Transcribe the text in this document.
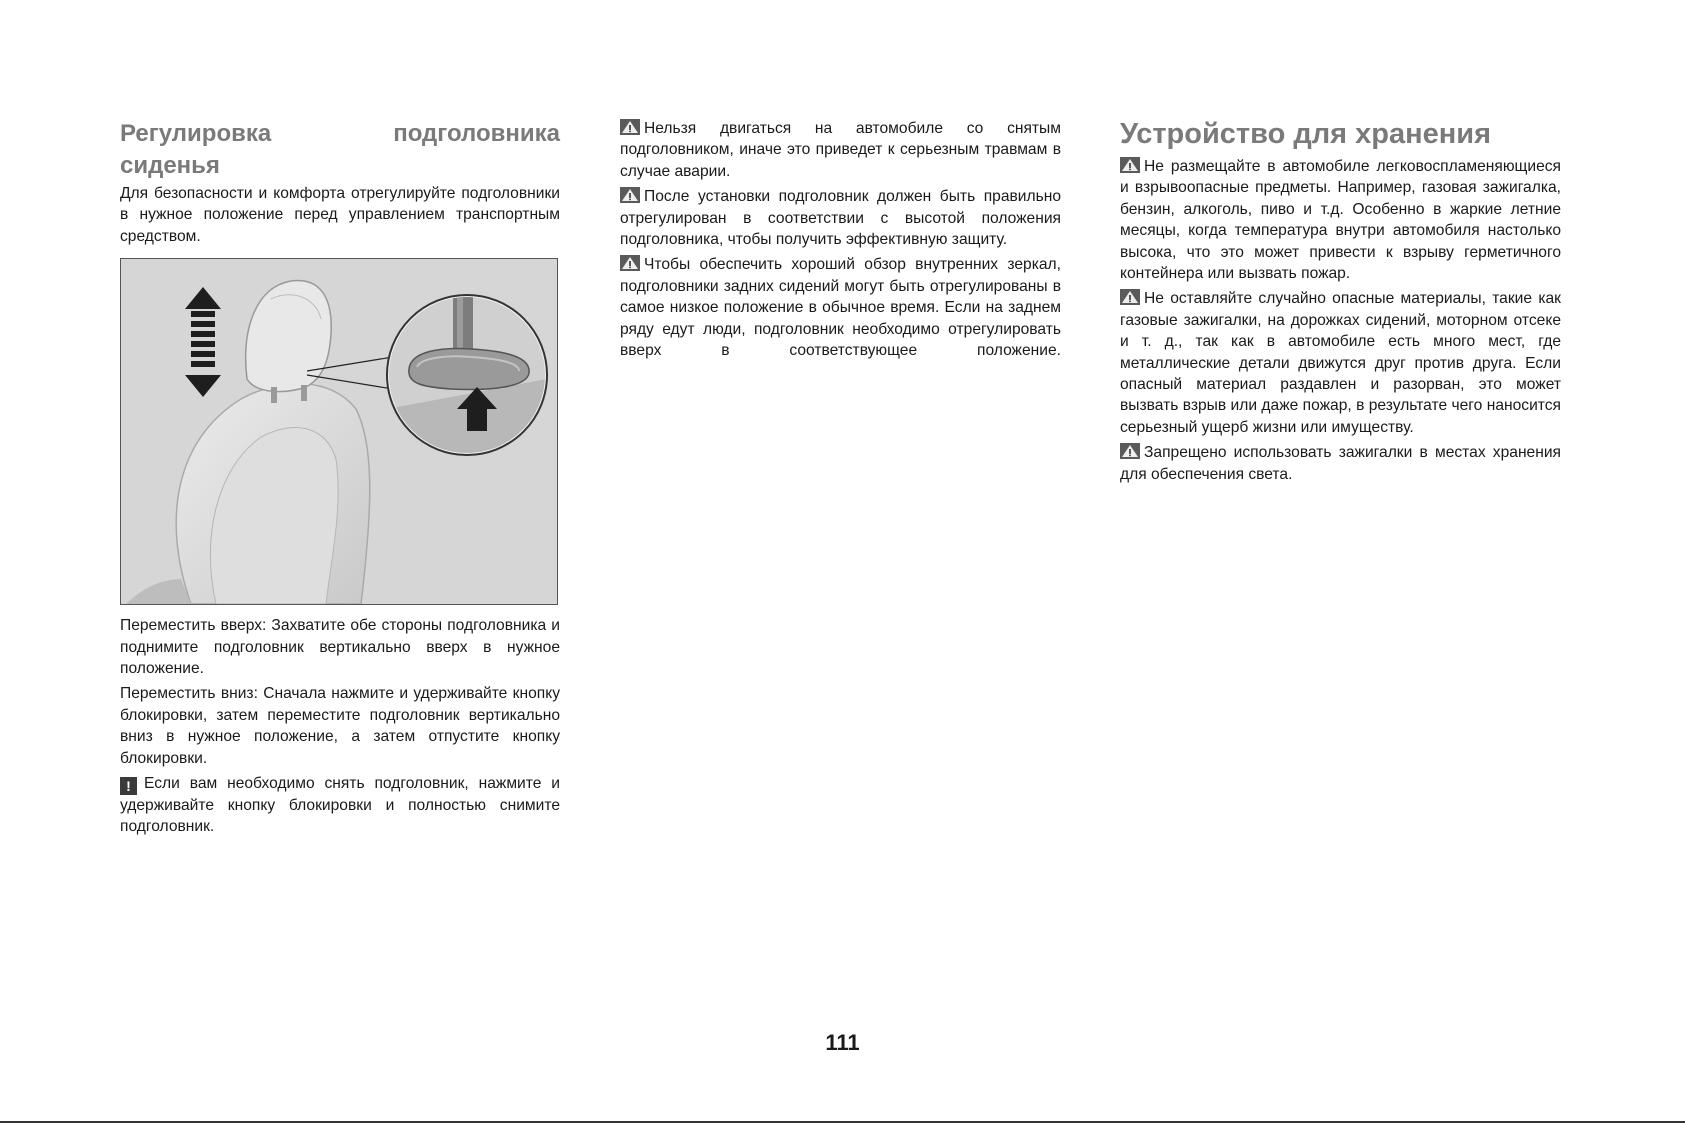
Регулировка	подголовника

сиденья

Для безопасности и комфорта отрегулируйте подголовники в нужное положение перед управлением транспортным средством.

Переместить вверх: Захватите обе стороны подголовника и поднимите подголовник вертикально вверх в нужное положение.

Переместить вниз: Сначала нажмите и удерживайте кнопку блокировки, затем переместите подголовник вертикально вниз в нужное положение, а затем отпустите кнопку блокировки.

! Если вам необходимо снять подголовник, нажмите и удерживайте кнопку блокировки и полностью снимите подголовник.

Нельзя двигаться на автомобиле со снятым подголовником, иначе это приведет к серьезным травмам в случае аварии.

После установки подголовник должен быть правильно отрегулирован в соответствии с высотой положения подголовника, чтобы получить эффективную защиту.

Чтобы обеспечить хороший обзор внутренних зеркал, подголовники задних сидений могут быть отрегулированы в самое низкое положение в обычное время. Если на заднем ряду едут люди, подголовник необходимо отрегулировать вверх в соответствующее положение.

Устройство для хранения

Не размещайте в автомобиле легковоспламеняющиеся и взрывоопасные предметы. Например, газовая зажигалка, бензин, алкоголь, пиво и т.д. Особенно в жаркие летние месяцы, когда температура внутри автомобиля настолько высока, что это может привести к взрыву герметичного контейнера или вызвать пожар.

Не оставляйте случайно опасные материалы, такие как газовые зажигалки, на дорожках сидений, моторном отсеке и т. д., так как в автомобиле есть много мест, где металлические детали движутся друг против друга. Если опасный материал раздавлен и разорван, это может вызвать взрыв или даже пожар, в результате чего наносится серьезный ущерб жизни или имуществу.

Запрещено использовать зажигалки в местах хранения для обеспечения света.

111
